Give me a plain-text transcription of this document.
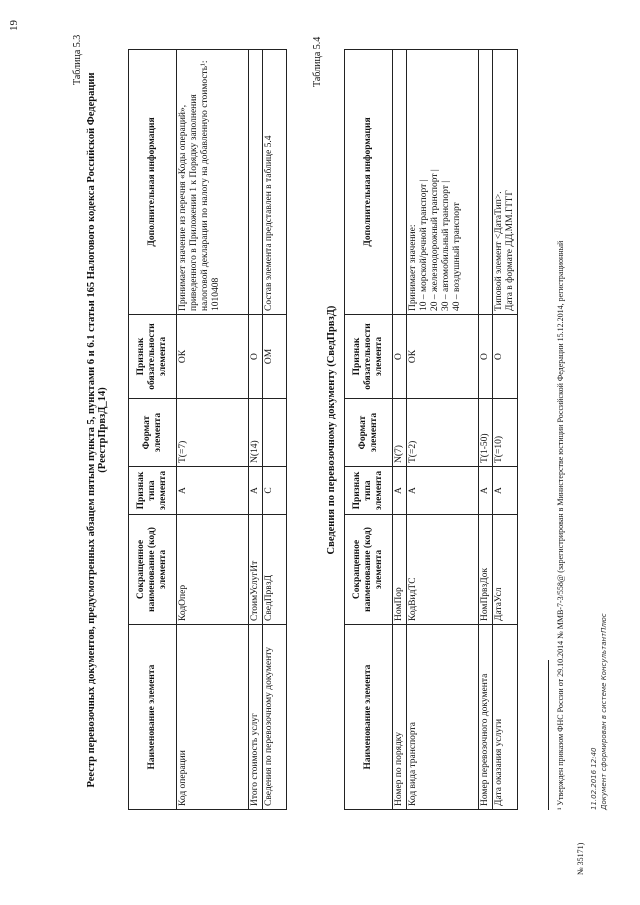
19
Таблица 5.3
Реестр перевозочных документов, предусмотренных абзацем пятым пункта 5, пунктами 6 и 6.1 статьи 165 Налогового кодекса Российской Федерации (РеестрПрвзД_14)
Наименование элемента	Сокращенное наименование (код) элемента	Признак типа элемента	Формат элемента	Признак обязательности элемента	Дополнительная информация
Код операции	КодОпер	А	T(=7)	ОК	Принимает значение из перечня «Коды операций», приведенного в Приложении 1 к Порядку заполнения налоговой декларации по налогу на добавленную стоимость¹: 1010408
Итого стоимость услуг	СтоимУслугИт	А	N(14)	О	
Сведения по перевозочному документу	СведПрвзД	С		ОМ	Состав элемента представлен в таблице 5.4
Таблица 5.4
Сведения по перевозочному документу (СведПрвзД)
Наименование элемента	Сокращенное наименование (код) элемента	Признак типа элемента	Формат элемента	Признак обязательности элемента	Дополнительная информация
Номер по порядку	НомПор	А	N(7)	О	
Код вида транспорта	КодВидТС	А	T(=2)	ОК	Принимает значение:
10 – морской/речной транспорт |
20 – железнодорожный транспорт |
30 – автомобильный транспорт |
40 – воздушный транспорт
Номер перевозочного документа	НомПрвзДок	А	T(1-50)	О	
Дата оказания услуги	ДатаУсл	А	T(=10)	О	Типовой элемент <ДатаТип>.
Дата в формате ДД.ММ.ГГГГ
¹ Утвержден приказом ФНС России от 29.10.2014 № ММВ-7-3/558@ (зарегистрирован в Министерстве юстиции Российской Федерации 15.12.2014, регистрационный
№ 35171)
11.02.2016 12:40 Документ сформирован в системе КонсультантПлюс
